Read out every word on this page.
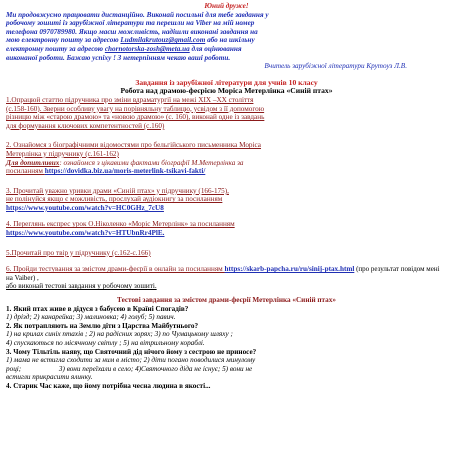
Юний друже!

Ми продовжуємо працювати дистанційно. Виконай посильні для тебе завдання у
робочому зошиті із зарубіжної літератури та перешли на Viber на мій номер
телефона 0970789980. Якщо маєш можливість, надішли виконані завдання на
мою електронну пошту за адресою Ludmilakrutouz@gmail.com або на шкільну
електронну пошту за адресою chornotorska-zosh@meta.ua для оцінювання
виконаної роботи. Бажаю успіху ! З нетерпінням чекаю ваші роботи.

Вчитель зарубіжної літератури Крутоуз Л.В.

Завдання із зарубіжної літератури для учнів 10 класу

Робота над драмою-феєрією Моріса Метерлінка «Синій птах»

1.Опрацюй статтю підручника про зміни вдраматургії на межі ХІХ –ХХ століття
(с.158-160). Зверни особливу увагу на порівняльну таблицю, усвідом з її допомогою
різницю між «старою драмою» та «новою драмою» (с. 160), виконай одне із завдань
для формування ключових компетентностей (с.160)
2. Ознайомся з біографічними відомостями про бельгійського письменника Моріса
Метерлінка у підручнику (с.161-162)
Для допитливих: ознайомся з цікавими фактами біографії М.Метерлінка за
посиланням https://dovidka.biz.ua/moris-meterlink-tsikavi-fakti/
3. Прочитай уважно уривки драми «Синій птах» у підручнику (166-175),
не полінуйся якщо є можливість, прослухай аудіокнигу за посиланням
https://www.youtube.com/watch?v=HC0GHz_7cU8
4. Переглянь експрес урок О.Ніколенко «Моріс Метерлінк» за посиланням
https://www.youtube.com/watch?v=HTUbnRr4PlE.
5.Прочитай про твір у підручнику (с.162-с.166)
6. Пройди тестування за змістом драми-феєрії в онлайн за посиланням https://skarb-papcha.ru/ru/sinij-ptax.html (про результат повідом мені на Vaiber) ,
або виконай тестові завдання у робочому зошиті.

Тестові завдання за змістом драми-феєрії Метерлінка «Синій птах»

1. Який птах живе в дідуся з бабусею в Країні Спогадів?
1) дрізд; 2) канарейка; 3) малиновка; 4) голуб; 5) павич.
2. Як потрапляють на Землю діти з Царства Майбутнього?
1) на крилах синіх птахів ; 2) на радісних зорях; 3) по Чумацькому шляху ;
4) спускаються по місячному світлу ; 5) на вітрильному кораблі.
3. Чому Тільтіль наяву, що Святочний дід нічого йому з сестрою не приносе?
1) мама не встигла сходити за ним в місто; 2) діти погано поводилися минулому
році;                     3) вони переїхали в село; 4)Святочного діда не існує; 5) вони не
встигли прикрасити ялинку.
4. Старик Час каже, що йому потрібна чесна людина в якості...
